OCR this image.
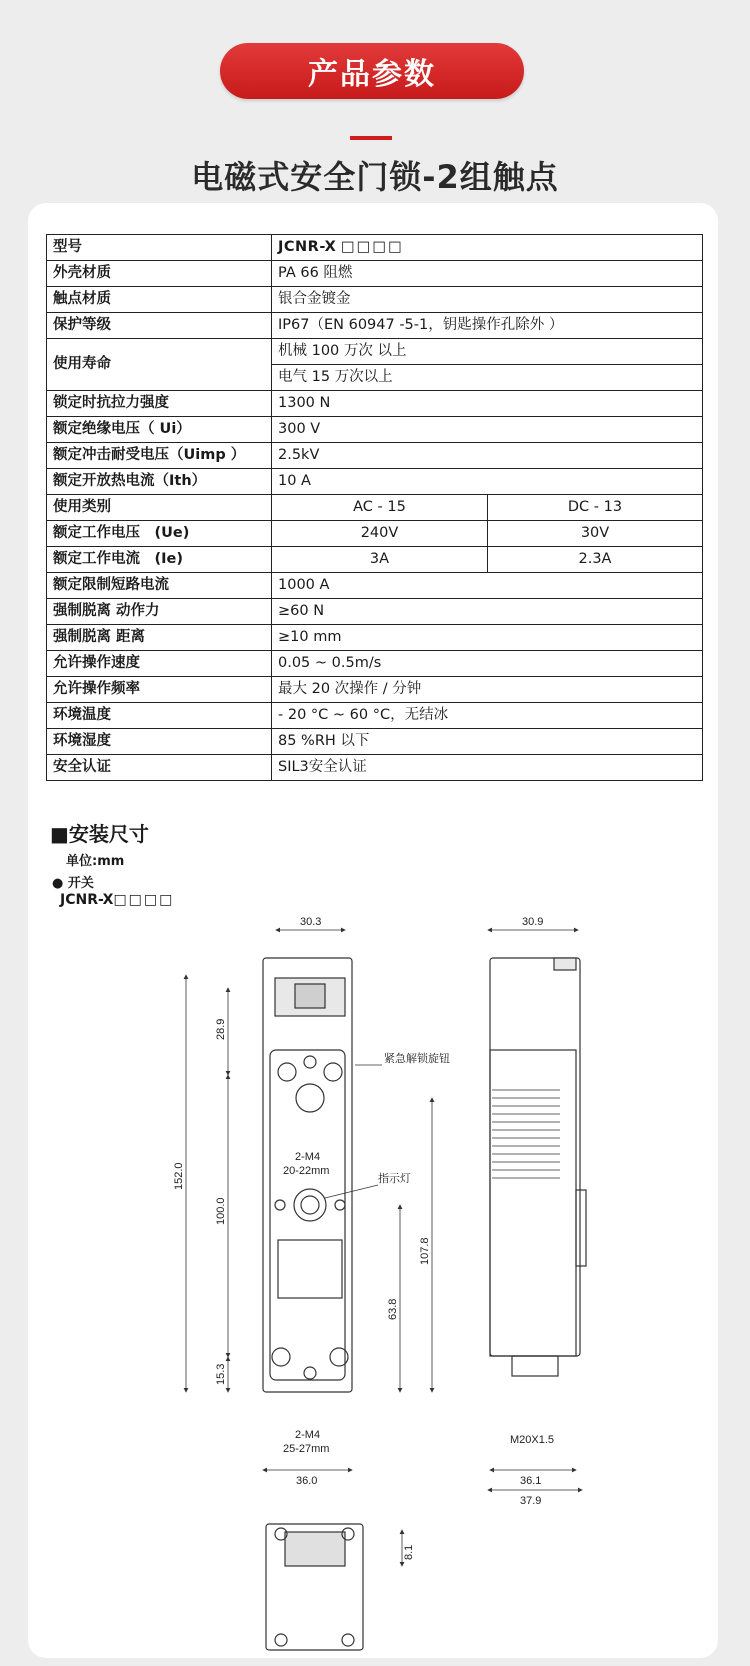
产品参数
电磁式安全门锁-2组触点
型号	JCNR-X □□□□	
外壳材质	PA 66 阻燃	
触点材质	银合金镀金	
保护等级	IP67（EN 60947 -5-1，钥匙操作孔除外 ）	
使用寿命	机械 100 万次 以上	
	电气 15 万次以上	
锁定时抗拉力强度	1300 N	
额定绝缘电压（ Ui）	300 V	
额定冲击耐受电压（Uimp ）	2.5kV	
额定开放热电流（Ith）	10 A	
使用类别	AC - 15	DC - 13
额定工作电压　(Ue)	240V	30V
额定工作电流　(Ie)	3A	2.3A
额定限制短路电流	1000 A	
强制脱离 动作力	≥60 N	
强制脱离 距离	≥10 mm	
允许操作速度	0.05 ~ 0.5m/s	
允许操作频率	最大 20 次操作 / 分钟	
环境温度	- 20 °C ~ 60 °C，无结冰	
环境湿度	85 %RH 以下	
安全认证	SIL3安全认证	
■安装尺寸
单位:mm
● 开关
JCNR-X□□□□
30.3	30.9
152.0
28.9
100.0
15.3
107.8
63.8
2-M4
20-22mm
2-M4
25-27mm
36.0	36.1
37.9
M20X1.5
8.1
紧急解锁旋钮
指示灯
